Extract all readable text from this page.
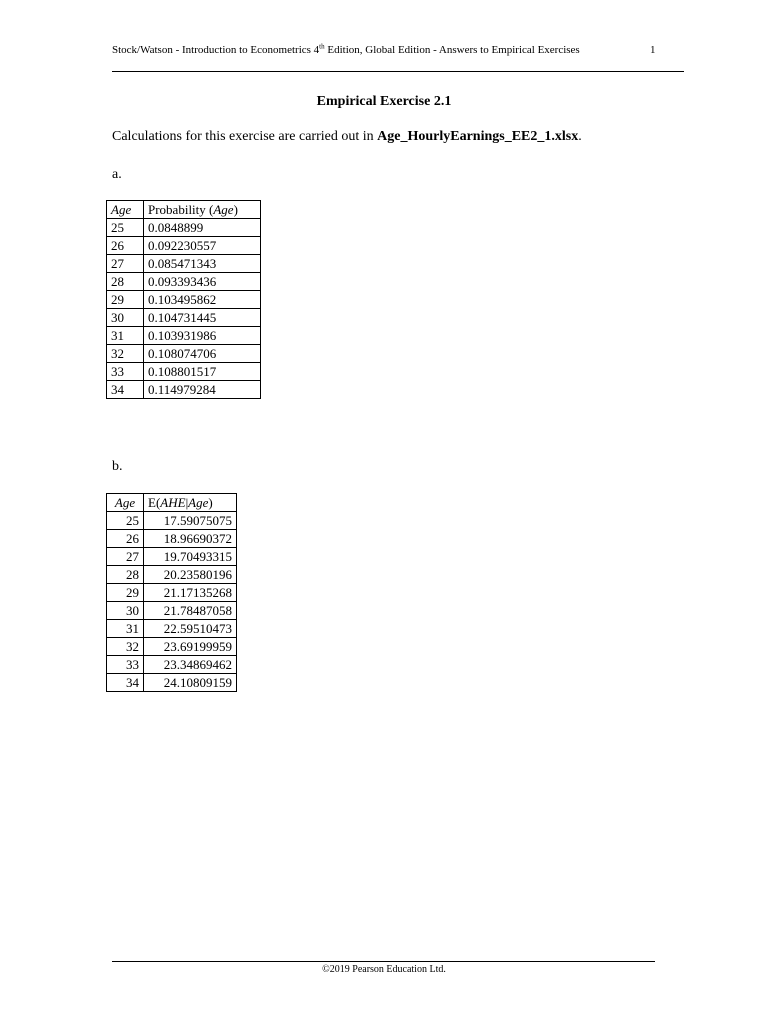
Stock/Watson - Introduction to Econometrics 4th Edition, Global Edition - Answers to Empirical Exercises	1
Empirical Exercise 2.1
Calculations for this exercise are carried out in Age_HourlyEarnings_EE2_1.xlsx.
a.
Age	Probability (Age)
25	0.0848899
26	0.092230557
27	0.085471343
28	0.093393436
29	0.103495862
30	0.104731445
31	0.103931986
32	0.108074706
33	0.108801517
34	0.114979284
b.
Age	E(AHE|Age)
25	17.59075075
26	18.96690372
27	19.70493315
28	20.23580196
29	21.17135268
30	21.78487058
31	22.59510473
32	23.69199959
33	23.34869462
34	24.10809159
©2019 Pearson Education Ltd.
